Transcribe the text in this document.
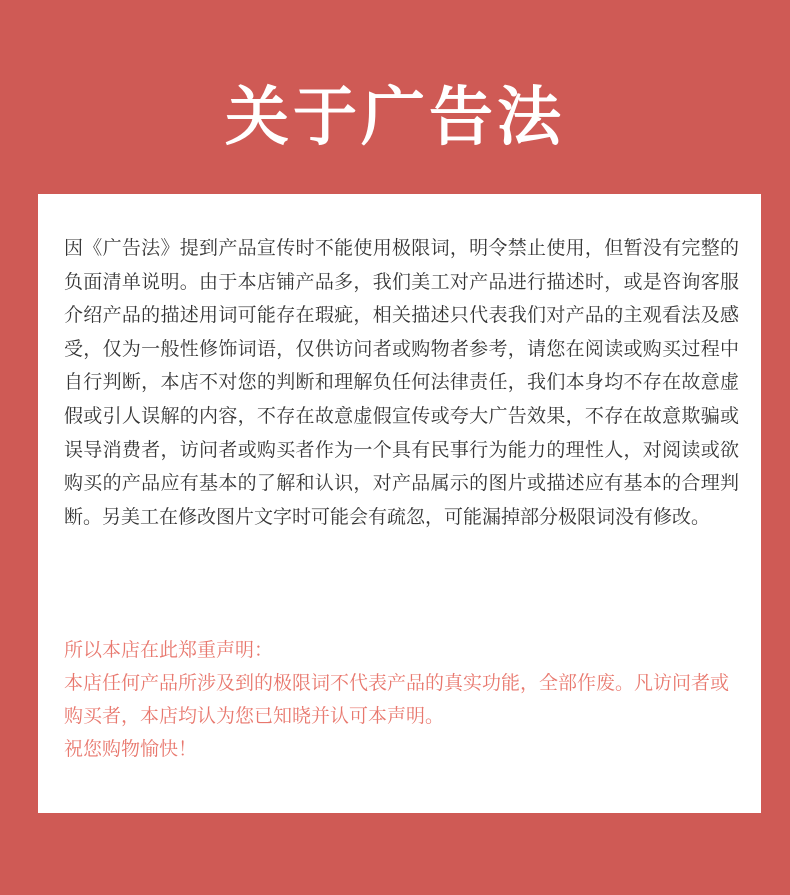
关于广告法

因《广告法》提到产品宣传时不能使用极限词，明令禁止使用，但暂没有完整的负面清单说明。由于本店铺产品多，我们美工对产品进行描述时，或是咨询客服介绍产品的描述用词可能存在瑕疵，相关描述只代表我们对产品的主观看法及感受，仅为一般性修饰词语，仅供访问者或购物者参考，请您在阅读或购买过程中自行判断，本店不对您的判断和理解负任何法律责任，我们本身均不存在故意虚假或引人误解的内容，不存在故意虚假宣传或夸大广告效果，不存在故意欺骗或误导消费者，访问者或购买者作为一个具有民事行为能力的理性人，对阅读或欲购买的产品应有基本的了解和认识，对产品属示的图片或描述应有基本的合理判断。另美工在修改图片文字时可能会有疏忽，可能漏掉部分极限词没有修改。

所以本店在此郑重声明：

本店任何产品所涉及到的极限词不代表产品的真实功能，全部作废。凡访问者或购买者，本店均认为您已知晓并认可本声明。

祝您购物愉快！
